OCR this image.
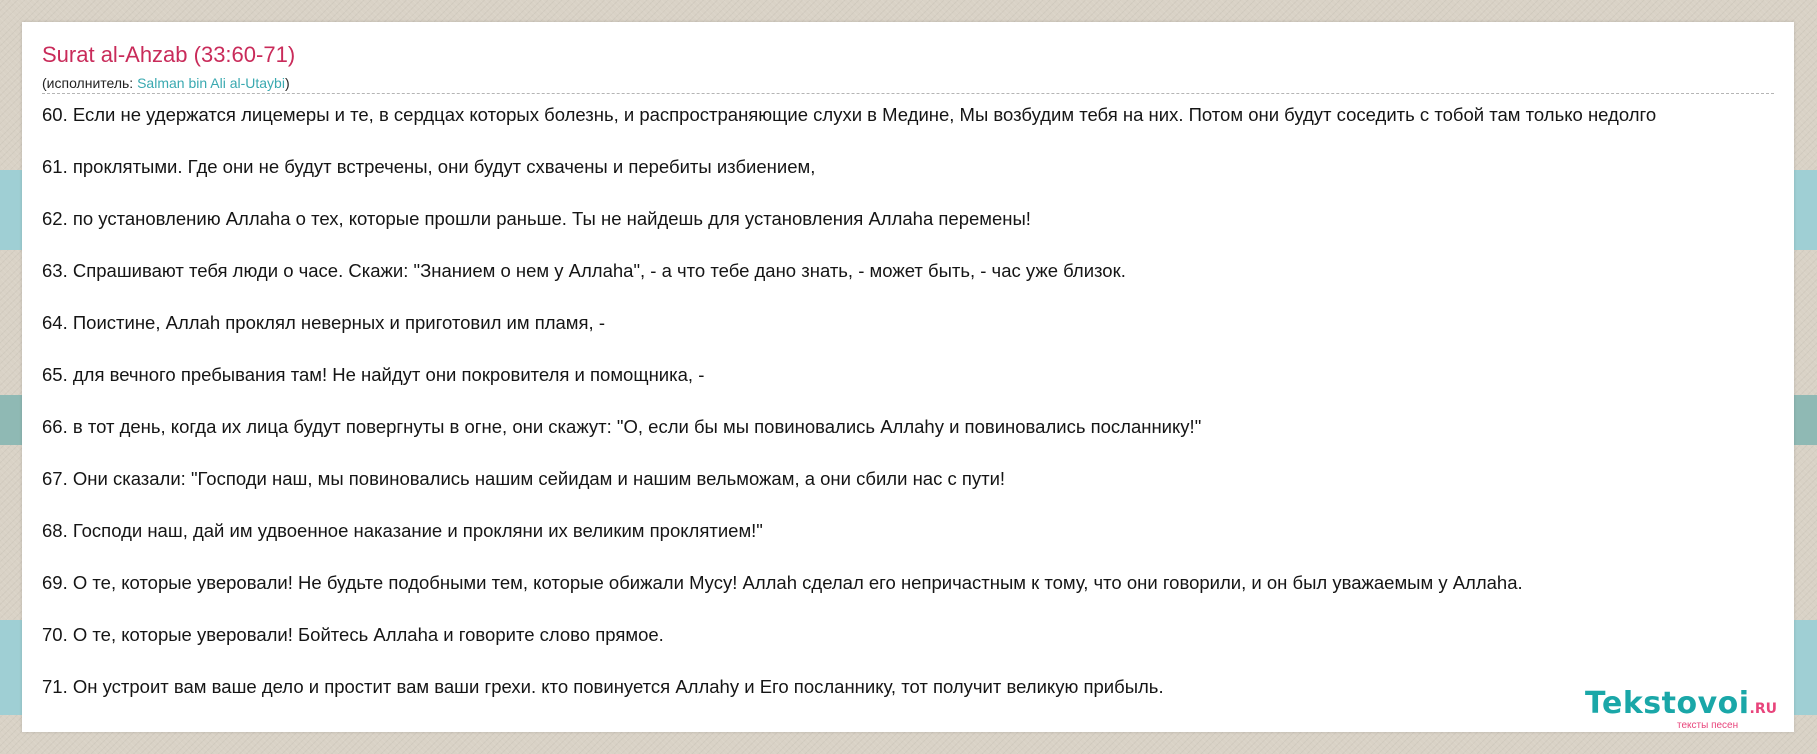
Surat al-Ahzab (33:60-71)
(исполнитель: Salman bin Ali al-Utaybi)

60. Если не удержатся лицемеры и те, в сердцах которых болезнь, и распространяющие слухи в Медине, Мы возбудим тебя на них. Потом они будут соседить с тобой там только недолго

61. проклятыми. Где они не будут встречены, они будут схвачены и перебиты избиением,

62. по установлению Аллаhа о тех, которые прошли раньше. Ты не найдешь для установления Аллаhа перемены!

63. Спрашивают тебя люди о часе. Скажи: "Знанием о нем у Аллаhа", - а что тебе дано знать, - может быть, - час уже близок.

64. Поистине, Аллаh проклял неверных и приготовил им пламя, -

65. для вечного пребывания там! Не найдут они покровителя и помощника, -

66. в тот день, когда их лица будут повергнуты в огне, они скажут: "О, если бы мы повиновались Аллаhу и повиновались посланнику!"

67. Они сказали: "Господи наш, мы повиновались нашим сейидам и нашим вельможам, а они сбили нас с пути!

68. Господи наш, дай им удвоенное наказание и прокляни их великим проклятием!"

69. О те, которые уверовали! Не будьте подобными тем, которые обижали Мусу! Аллаh сделал его непричастным к тому, что они говорили, и он был уважаемым у Аллаhа.

70. О те, которые уверовали! Бойтесь Аллаhа и говорите слово прямое.

71. Он устроит вам ваше дело и простит вам ваши грехи. кто повинуется Аллаhу и Его посланнику, тот получит великую прибыль.	Tekstovoi.RU
тексты песен
